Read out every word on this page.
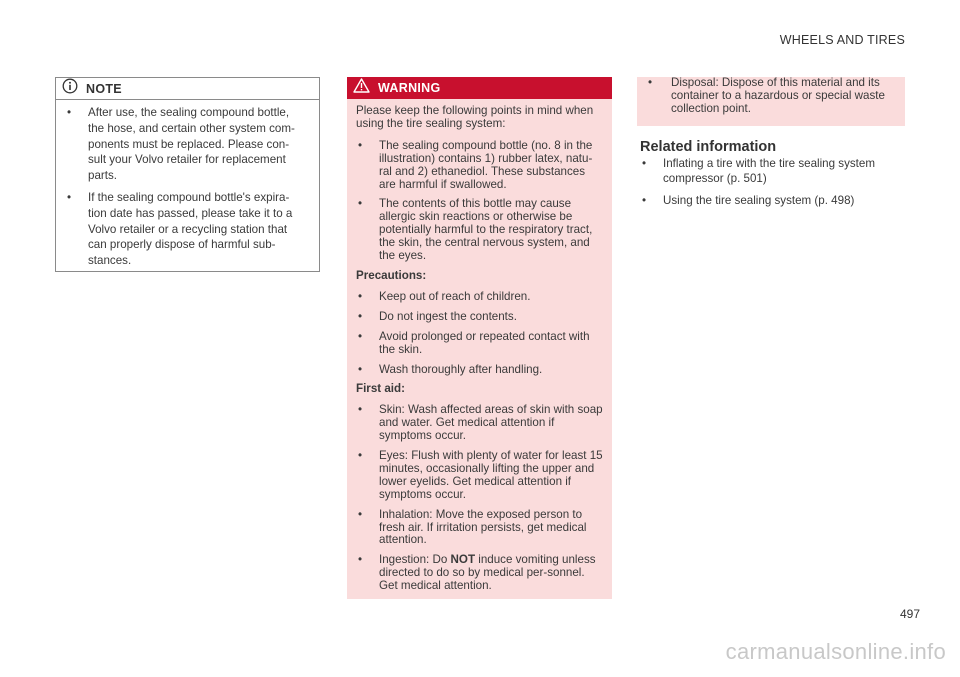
WHEELS AND TIRES
NOTE
• After use, the sealing compound bottle, the hose, and certain other system com-ponents must be replaced. Please con-sult your Volvo retailer for replacement parts.
• If the sealing compound bottle's expira-tion date has passed, please take it to a Volvo retailer or a recycling station that can properly dispose of harmful sub-stances.
WARNING

Please keep the following points in mind when using the tire sealing system:

• The sealing compound bottle (no. 8 in the illustration) contains 1) rubber latex, natu-ral and 2) ethanediol. These substances are harmful if swallowed.
• The contents of this bottle may cause allergic skin reactions or otherwise be potentially harmful to the respiratory tract, the skin, the central nervous system, and the eyes.

Precautions:

• Keep out of reach of children.
• Do not ingest the contents.
• Avoid prolonged or repeated contact with the skin.
• Wash thoroughly after handling.

First aid:

• Skin: Wash affected areas of skin with soap and water. Get medical attention if symptoms occur.
• Eyes: Flush with plenty of water for least 15 minutes, occasionally lifting the upper and lower eyelids. Get medical attention if symptoms occur.
• Inhalation: Move the exposed person to fresh air. If irritation persists, get medical attention.
• Ingestion: Do NOT induce vomiting unless directed to do so by medical per-sonnel. Get medical attention.
• Disposal: Dispose of this material and its container to a hazardous or special waste collection point.
Related information
• Inflating a tire with the tire sealing system compressor (p. 501)
• Using the tire sealing system (p. 498)
497
carmanualsonline.info
